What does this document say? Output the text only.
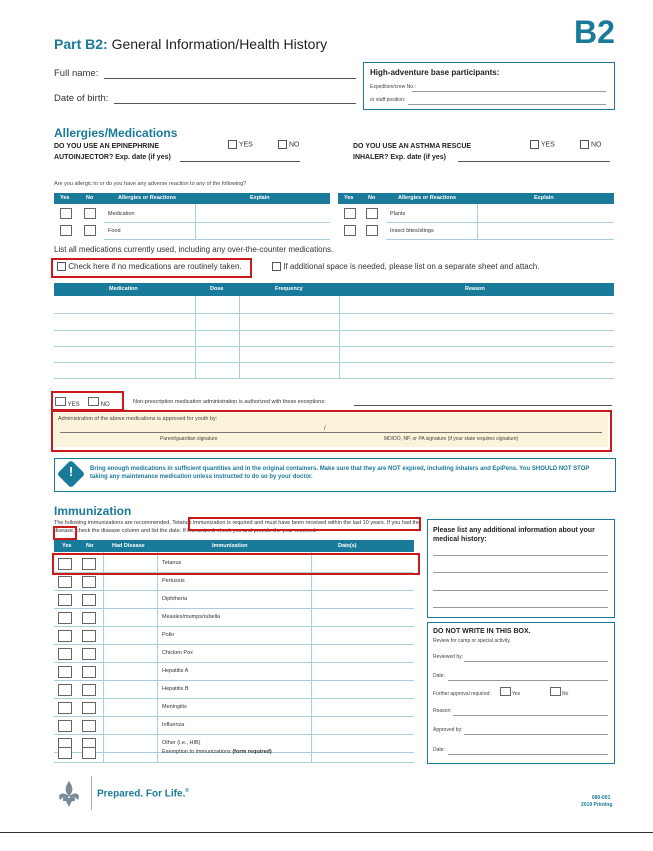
Part B2: General Information/Health History	B2
Full name:
Date of birth:
High-adventure base participants:
Expedition/crew No.:
or staff position:
Allergies/Medications
DO YOU USE AN EPINEPHRINE
AUTOINJECTOR? Exp. date (if yes)
YES	NO	DO YOU USE AN ASTHMA RESCUE
INHALER? Exp. date (if yes)
YES	NO
Are you allergic to or do you have any adverse reaction to any of the following?
Yes	No	Allergies or Reactions	Explain
Medication
Food
Yes	No	Allergies or Reactions	Explain
Plants
Insect bites/stings
List all medications currently used, including any over-the-counter medications.
Check here if no medications are routinely taken.	If additional space is needed, please list on a separate sheet and attach.
Medication	Dose	Frequency	Reason
YES	NO	Non-prescription medication administration is authorized with these exceptions:
Administration of the above medications is approved for youth by:
/
Parent/guardian signature	MD/DO, NP, or PA signature (if your state requires signature)
!	Bring enough medications in sufficient quantities and in the original containers. Make sure that they are NOT expired, including inhalers and EpiPens. You SHOULD NOT STOP taking any maintenance medication unless instructed to do so by your doctor.
Immunization
The following immunizations are recommended. Tetanus immunization is required and must have been received within the last 10 years. If you had the disease, check the disease column and list the date. If immunized, check yes and provide the year received.
Yes	No	Had Disease	Immunization	Date(s)
Tetanus
Pertussis
Diphtheria
Measles/mumps/rubella
Polio
Chicken Pox
Hepatitis A
Hepatitis B
Meningitis
Influenza
Other (i.e., HIB)
Exemption to immunizations (form required)
Please list any additional information about your medical history:
DO NOT WRITE IN THIS BOX.
Review for camp or special activity.
Reviewed by:
Date:
Further approval required:	Yes	No
Reason:
Approved by:
Date:
Prepared. For Life.®
680-001
2019 Printing
